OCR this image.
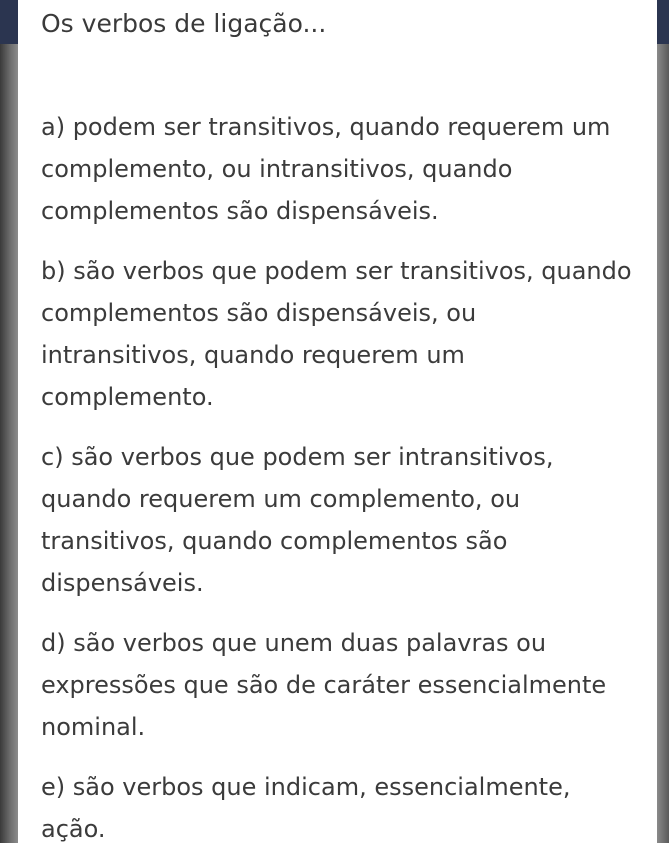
Os verbos de ligação...
a) podem ser transitivos, quando requerem um complemento, ou intransitivos, quando complementos são dispensáveis.
b) são verbos que podem ser transitivos, quando complementos são dispensáveis, ou intransitivos, quando requerem um complemento.
c) são verbos que podem ser intransitivos, quando requerem um complemento, ou transitivos, quando complementos são dispensáveis.
d) são verbos que unem duas palavras ou expressões que são de caráter essencialmente nominal.
e) são verbos que indicam, essencialmente, ação.
